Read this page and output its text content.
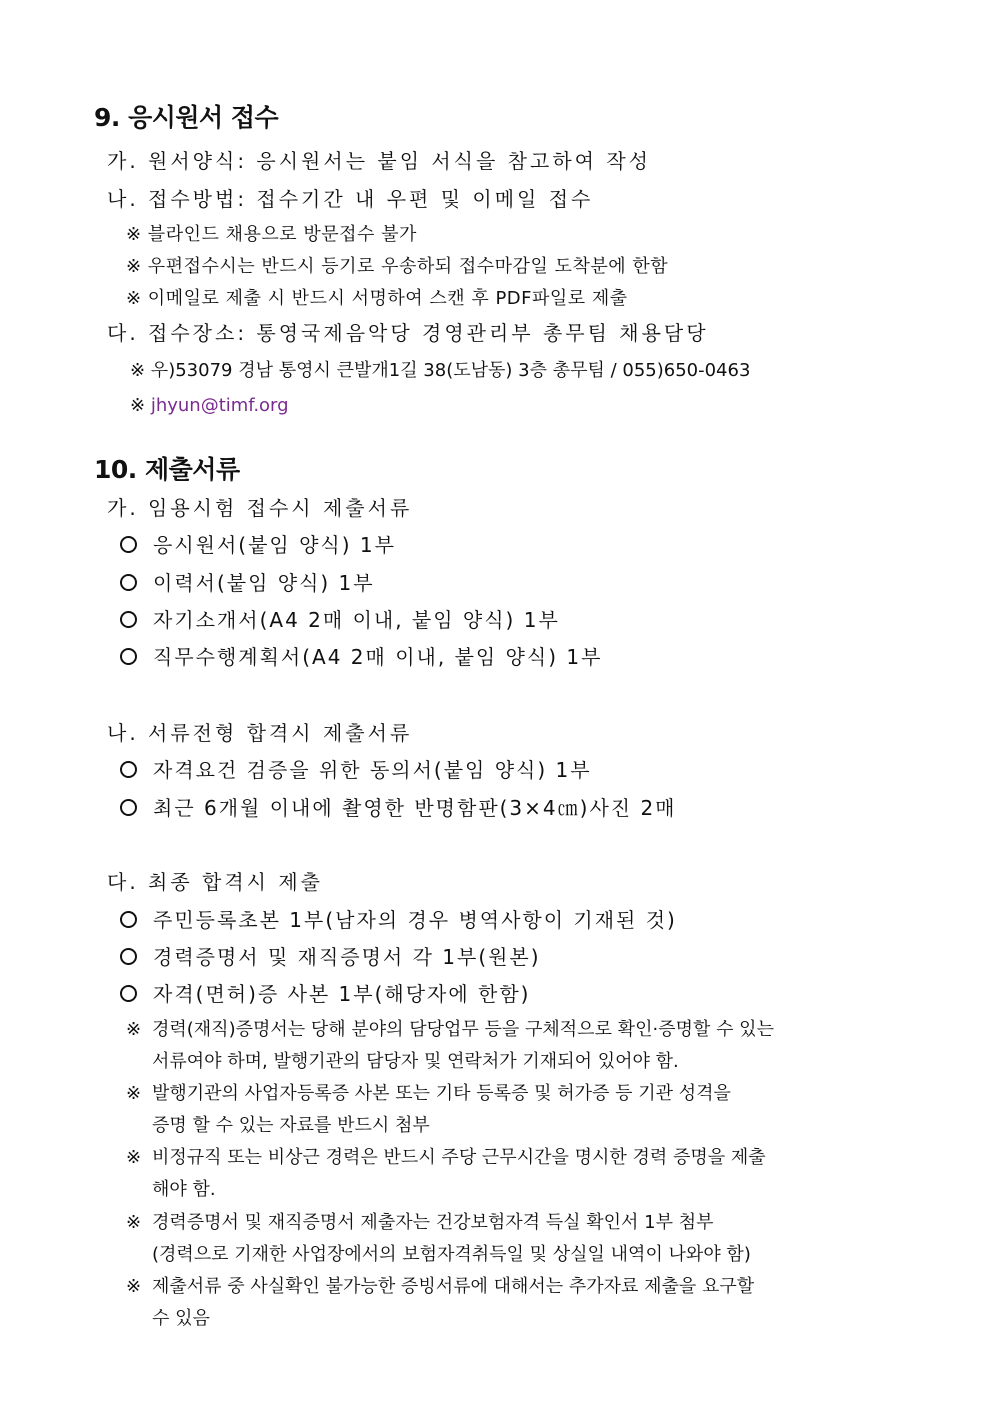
9. 응시원서 접수
가. 원서양식: 응시원서는 붙임 서식을 참고하여 작성
나. 접수방법: 접수기간 내 우편 및 이메일 접수
※ 블라인드 채용으로 방문접수 불가
※ 우편접수시는 반드시 등기로 우송하되 접수마감일 도착분에 한함
※ 이메일로 제출 시 반드시 서명하여 스캔 후 PDF파일로 제출
다. 접수장소: 통영국제음악당 경영관리부 총무팀 채용담당
※ 우)53079 경남 통영시 큰발개1길 38(도남동) 3층 총무팀 / 055)650-0463
※ jhyun@timf.org
10. 제출서류
가. 임용시험 접수시 제출서류
응시원서(붙임 양식) 1부
이력서(붙임 양식) 1부
자기소개서(A4 2매 이내, 붙임 양식) 1부
직무수행계획서(A4 2매 이내, 붙임 양식) 1부
나. 서류전형 합격시 제출서류
자격요건 검증을 위한 동의서(붙임 양식) 1부
최근 6개월 이내에 촬영한 반명함판(3×4㎝)사진 2매
다. 최종 합격시 제출
주민등록초본 1부(남자의 경우 병역사항이 기재된 것)
경력증명서 및 재직증명서 각 1부(원본)
자격(면허)증 사본 1부(해당자에 한함)
※ 경력(재직)증명서는 당해 분야의 담당업무 등을 구체적으로 확인·증명할 수 있는
서류여야 하며, 발행기관의 담당자 및 연락처가 기재되어 있어야 함.
※ 발행기관의 사업자등록증 사본 또는 기타 등록증 및 허가증 등 기관 성격을
증명 할 수 있는 자료를 반드시 첨부
※ 비정규직 또는 비상근 경력은 반드시 주당 근무시간을 명시한 경력 증명을 제출
해야 함.
※ 경력증명서 및 재직증명서 제출자는 건강보험자격 득실 확인서 1부 첨부
(경력으로 기재한 사업장에서의 보험자격취득일 및 상실일 내역이 나와야 함)
※ 제출서류 중 사실확인 불가능한 증빙서류에 대해서는 추가자료 제출을 요구할
수 있음
